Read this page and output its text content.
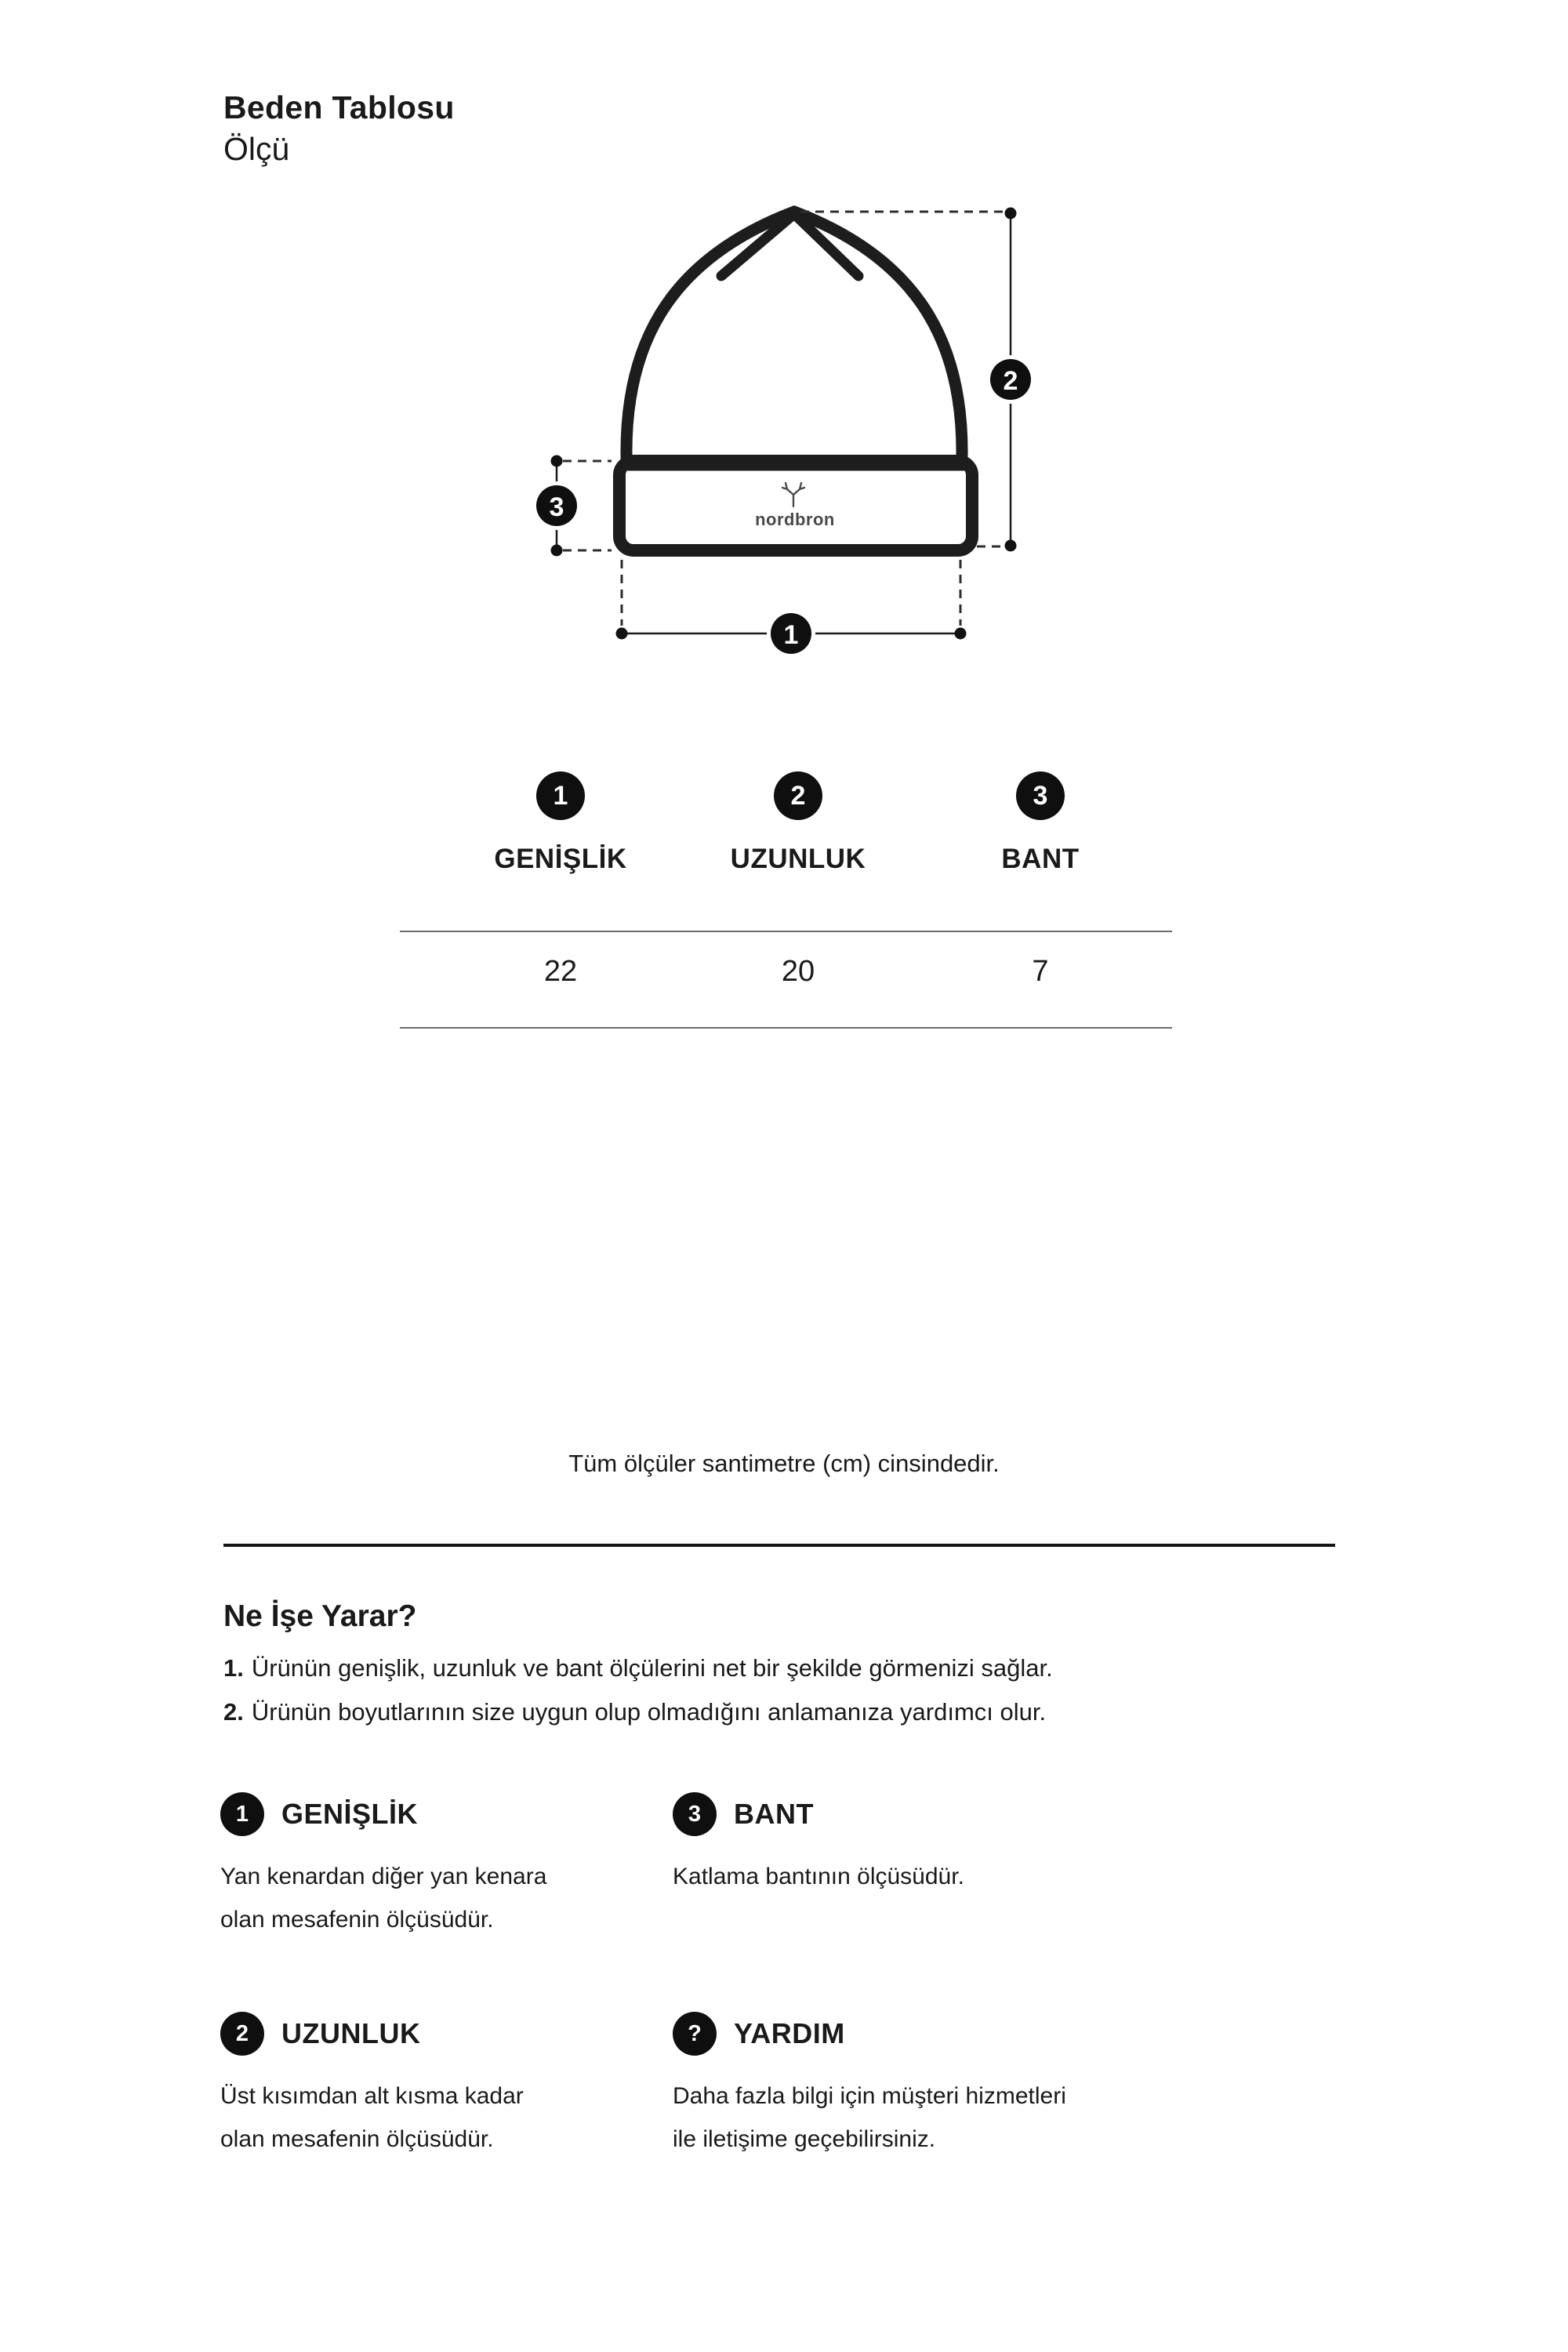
Beden Tablosu
Ölçü
nordbron
2
3
1
1	2	3
GENİŞLİK	UZUNLUK	BANT
22	20	7
Tüm ölçüler santimetre (cm) cinsindedir.
Ne İşe Yarar?
1. Ürünün genişlik, uzunluk ve bant ölçülerini net bir şekilde görmenizi sağlar.
2. Ürünün boyutlarının size uygun olup olmadığını anlamanıza yardımcı olur.
1	GENİŞLİK
Yan kenardan diğer yan kenara
olan mesafenin ölçüsüdür.
3	BANT
Katlama bantının ölçüsüdür.
2	UZUNLUK
Üst kısımdan alt kısma kadar
olan mesafenin ölçüsüdür.
?	YARDIM
Daha fazla bilgi için müşteri hizmetleri
ile iletişime geçebilirsiniz.
